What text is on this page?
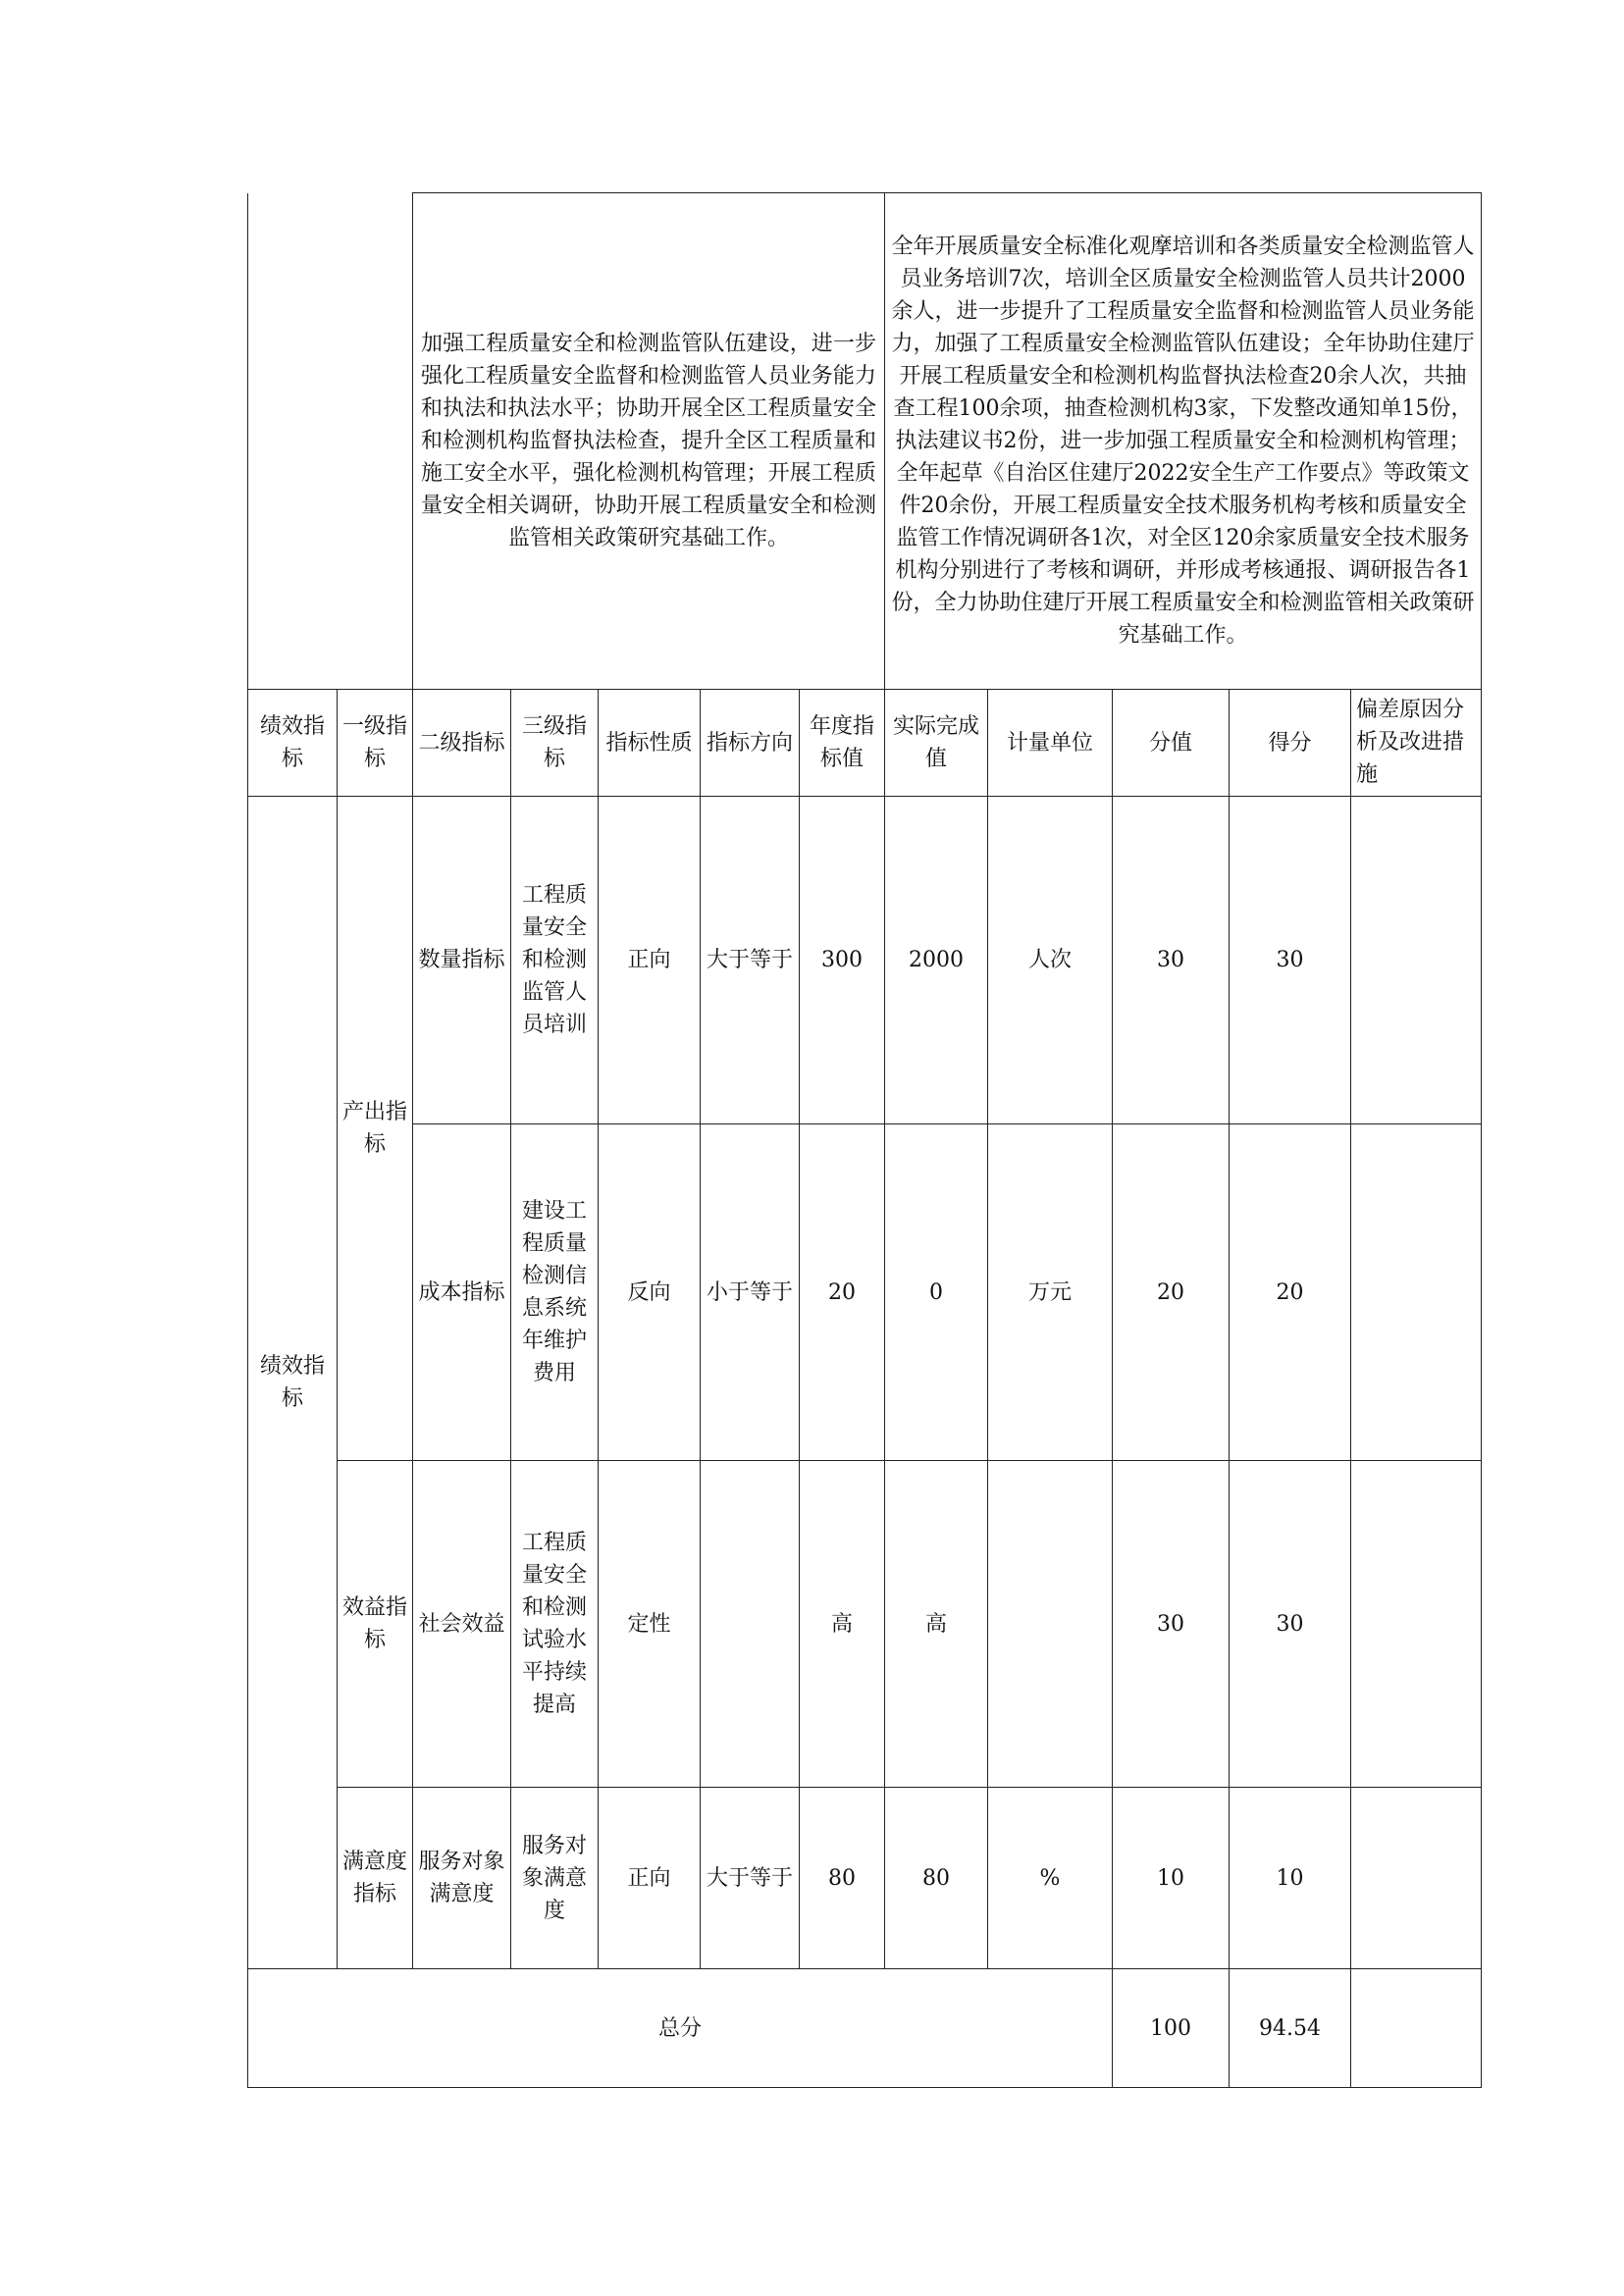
		加强工程质量安全和检测监管队伍建设，进一步强化工程质量安全监督和检测监管人员业务能力和执法和执法水平；协助开展全区工程质量安全和检测机构监督执法检查，提升全区工程质量和施工安全水平，强化检测机构管理；开展工程质量安全相关调研，协助开展工程质量安全和检测监管相关政策研究基础工作。					全年开展质量安全标准化观摩培训和各类质量安全检测监管人员业务培训7次，培训全区质量安全检测监管人员共计2000余人，进一步提升了工程质量安全监督和检测监管人员业务能力，加强了工程质量安全检测监管队伍建设；全年协助住建厅开展工程质量安全和检测机构监督执法检查20余人次，共抽查工程100余项，抽查检测机构3家，下发整改通知单15份，执法建议书2份，进一步加强工程质量安全和检测机构管理；全年起草《自治区住建厅2022安全生产工作要点》等政策文件20余份，开展工程质量安全技术服务机构考核和质量安全监管工作情况调研各1次，对全区120余家质量安全技术服务机构分别进行了考核和调研，并形成考核通报、调研报告各1份，全力协助住建厅开展工程质量安全和检测监管相关政策研究基础工作。				
绩效指标	一级指标	二级指标	三级指标	指标性质	指标方向	年度指标值	实际完成值	计量单位	分值	得分	偏差原因分析及改进措施
绩效指标	产出指标	数量指标	工程质量安全和检测监管人员培训	正向	大于等于	300	2000	人次	30	30	
		成本指标	建设工程质量检测信息系统年维护费用	反向	小于等于	20	0	万元	20	20	
	效益指标	社会效益	工程质量安全和检测试验水平持续提高	定性		高	高		30	30	
	满意度指标	服务对象满意度	服务对象满意度	正向	大于等于	80	80	%	10	10	
总分									100	94.54	
